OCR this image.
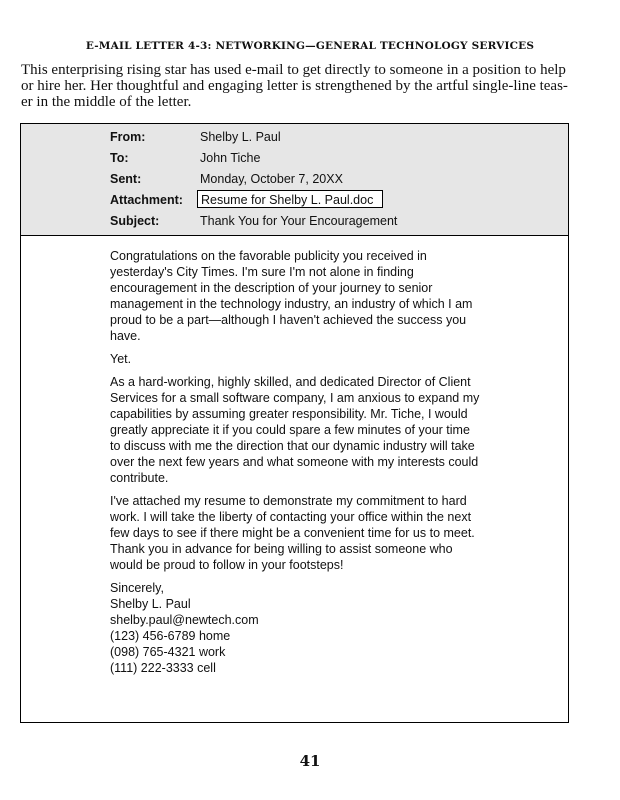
E-MAIL LETTER 4-3: NETWORKING—GENERAL TECHNOLOGY SERVICES
This enterprising rising star has used e-mail to get directly to someone in a position to help
or hire her. Her thoughtful and engaging letter is strengthened by the artful single-line teas-
er in the middle of the letter.
From:	Shelby L. Paul
To:	John Tiche
Sent:	Monday, October 7, 20XX
Attachment:	Resume for Shelby L. Paul.doc
Subject:	Thank You for Your Encouragement
Congratulations on the favorable publicity you received in
yesterday's City Times. I'm sure I'm not alone in finding
encouragement in the description of your journey to senior
management in the technology industry, an industry of which I am
proud to be a part—although I haven't achieved the success you
have.
Yet.
As a hard-working, highly skilled, and dedicated Director of Client
Services for a small software company, I am anxious to expand my
capabilities by assuming greater responsibility. Mr. Tiche, I would
greatly appreciate it if you could spare a few minutes of your time
to discuss with me the direction that our dynamic industry will take
over the next few years and what someone with my interests could
contribute.
I've attached my resume to demonstrate my commitment to hard
work. I will take the liberty of contacting your office within the next
few days to see if there might be a convenient time for us to meet.
Thank you in advance for being willing to assist someone who
would be proud to follow in your footsteps!
Sincerely,
Shelby L. Paul
shelby.paul@newtech.com
(123) 456-6789 home
(098) 765-4321 work
(111) 222-3333 cell
41
